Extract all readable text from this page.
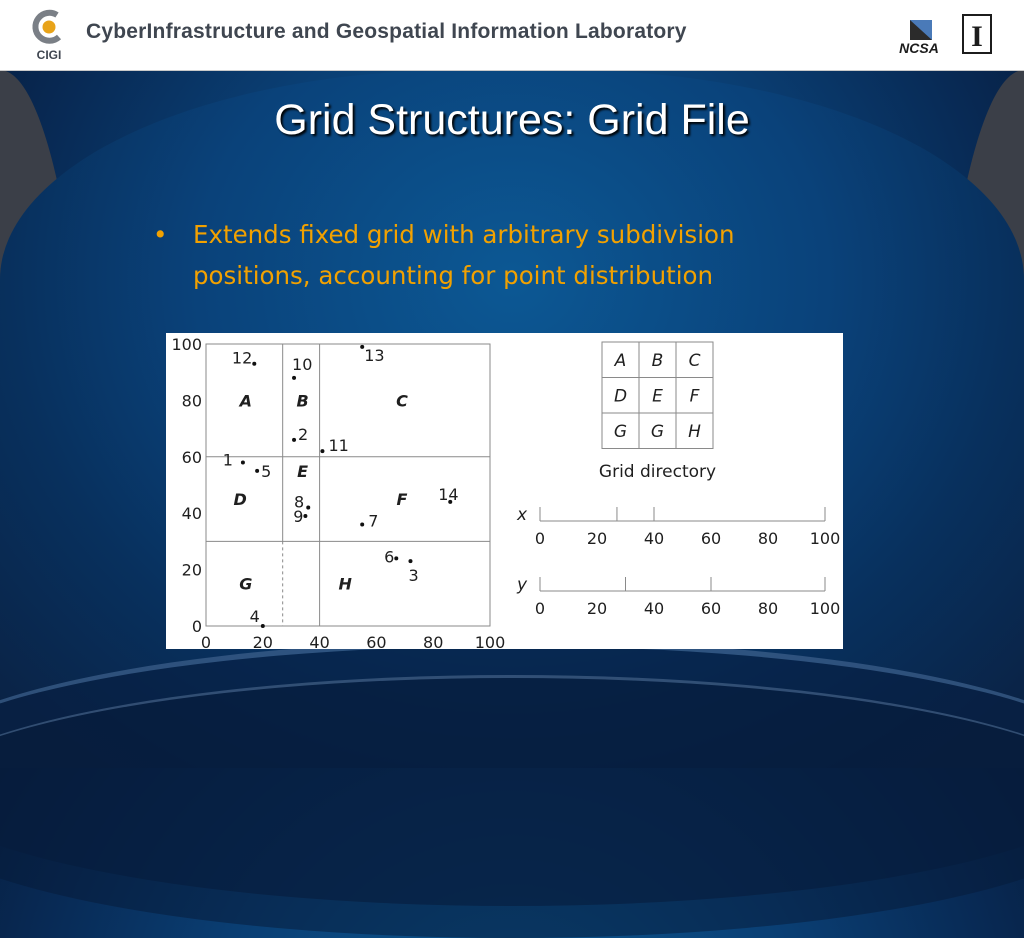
CIGI
CyberInfrastructure and Geospatial Information Laboratory
NCSA I
Grid Structures: Grid File
• Extends fixed grid with arbitrary subdivision
positions, accounting for point distribution
0
0
20
20
40
40
60
60
80
80
100
100
A	B	C
D
E
F
G	H
1
2
3
4
5
6
7
8
9
10
11
12	13
14
A B C
D E F
G G H
Grid directory
x
0	20 40 60 80 100
y
0	20 40 60 80 100
